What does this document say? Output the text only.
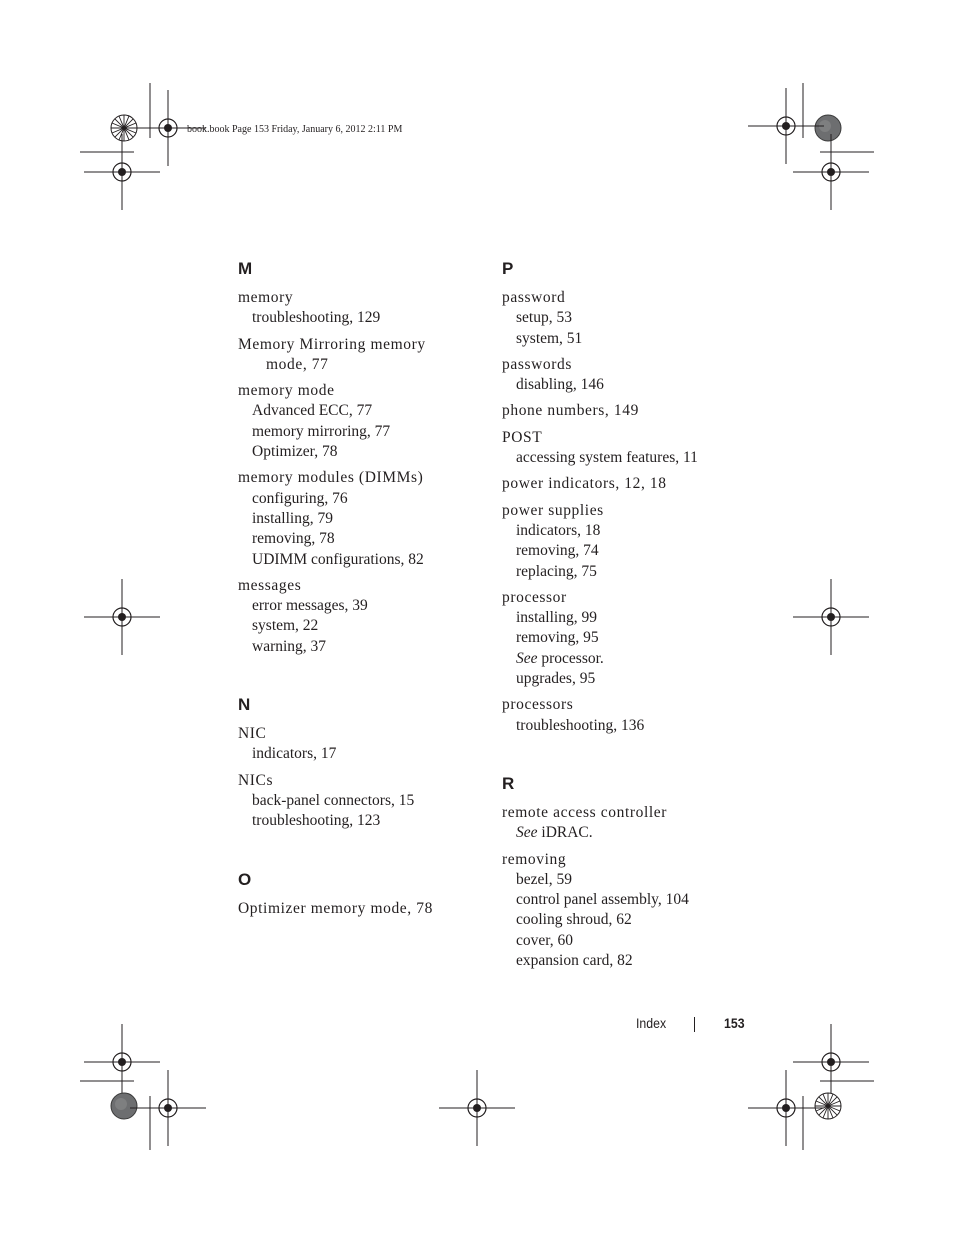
book.book Page 153 Friday, January 6, 2012 2:11 PM
M
memory
troubleshooting, 129
Memory Mirroring memory
mode, 77
memory mode
Advanced ECC, 77
memory mirroring, 77
Optimizer, 78
memory modules (DIMMs)
configuring, 76
installing, 79
removing, 78
UDIMM configurations, 82
messages
error messages, 39
system, 22
warning, 37
N
NIC
indicators, 17
NICs
back-panel connectors, 15
troubleshooting, 123
O
Optimizer memory mode, 78
P
password
setup, 53
system, 51
passwords
disabling, 146
phone numbers, 149
POST
accessing system features, 11
power indicators, 12, 18
power supplies
indicators, 18
removing, 74
replacing, 75
processor
installing, 99
removing, 95
See processor.
upgrades, 95
processors
troubleshooting, 136
R
remote access controller
See iDRAC.
removing
bezel, 59
control panel assembly, 104
cooling shroud, 62
cover, 60
expansion card, 82
Index	153
